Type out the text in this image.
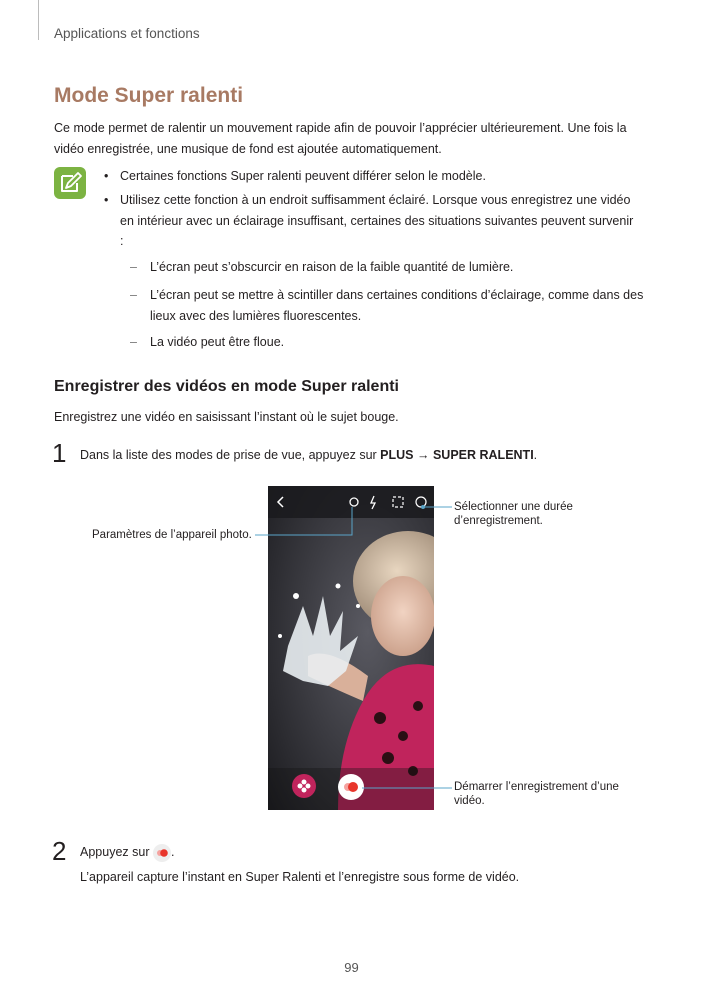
Applications et fonctions
Mode Super ralenti
Ce mode permet de ralentir un mouvement rapide afin de pouvoir l’apprécier ultérieurement. Une fois la vidéo enregistrée, une musique de fond est ajoutée automatiquement.
• Certaines fonctions Super ralenti peuvent différer selon le modèle.
• Utilisez cette fonction à un endroit suffisamment éclairé. Lorsque vous enregistrez une vidéo en intérieur avec un éclairage insuffisant, certaines des situations suivantes peuvent survenir :
– L’écran peut s’obscurcir en raison de la faible quantité de lumière.
– L’écran peut se mettre à scintiller dans certaines conditions d’éclairage, comme dans des lieux avec des lumières fluorescentes.
– La vidéo peut être floue.
Enregistrer des vidéos en mode Super ralenti
Enregistrez une vidéo en saisissant l’instant où le sujet bouge.
1 Dans la liste des modes de prise de vue, appuyez sur PLUS → SUPER RALENTI.
Sélectionner une durée d’enregistrement.
Paramètres de l’appareil photo.
Démarrer l’enregistrement d’une vidéo.
2 Appuyez sur
.
L’appareil capture l’instant en Super Ralenti et l’enregistre sous forme de vidéo.
99
